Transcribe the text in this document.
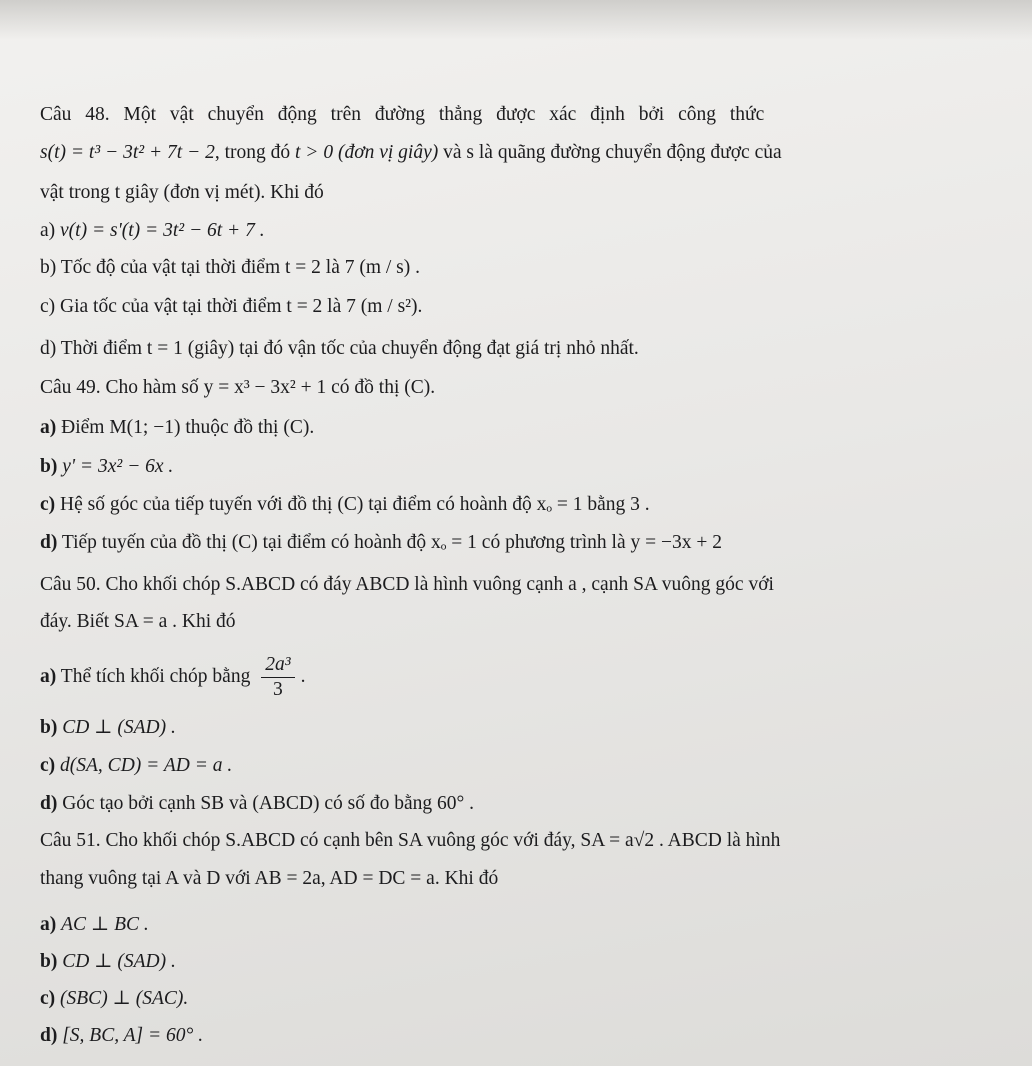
Câu 48. Một vật chuyển động trên đường thẳng được xác định bởi công thức
s(t) = t³ − 3t² + 7t − 2, trong đó t > 0 (đơn vị giây) và s là quãng đường chuyển động được của
vật trong t giây (đơn vị mét). Khi đó
a) v(t) = s'(t) = 3t² − 6t + 7 .
b) Tốc độ của vật tại thời điểm t = 2 là 7 (m / s) .
c) Gia tốc của vật tại thời điểm t = 2 là 7 (m / s²).
d) Thời điểm t = 1 (giây) tại đó vận tốc của chuyển động đạt giá trị nhỏ nhất.
Câu 49. Cho hàm số y = x³ − 3x² + 1 có đồ thị (C).
a) Điểm M(1; −1) thuộc đồ thị (C).
b) y' = 3x² − 6x .
c) Hệ số góc của tiếp tuyến với đồ thị (C) tại điểm có hoành độ xₒ = 1 bằng 3 .
d) Tiếp tuyến của đồ thị (C) tại điểm có hoành độ xₒ = 1 có phương trình là y = −3x + 2
Câu 50. Cho khối chóp S.ABCD có đáy ABCD là hình vuông cạnh a , cạnh SA vuông góc với
đáy. Biết SA = a . Khi đó
a) Thể tích khối chóp bằng $\frac{\text{2a³}}{3}$ .
b) CD ⊥ (SAD) .
c) d(SA, CD) = AD = a .
d) Góc tạo bởi cạnh SB và (ABCD) có số đo bằng 60° .
Câu 51. Cho khối chóp S.ABCD có cạnh bên SA vuông góc với đáy, SA = a√2 . ABCD là hình
thang vuông tại A và D với AB = 2a, AD = DC = a. Khi đó
a) AC ⊥ BC .
b) CD ⊥ (SAD) .
c) (SBC) ⊥ (SAC).
d) [S, BC, A] = 60° .
